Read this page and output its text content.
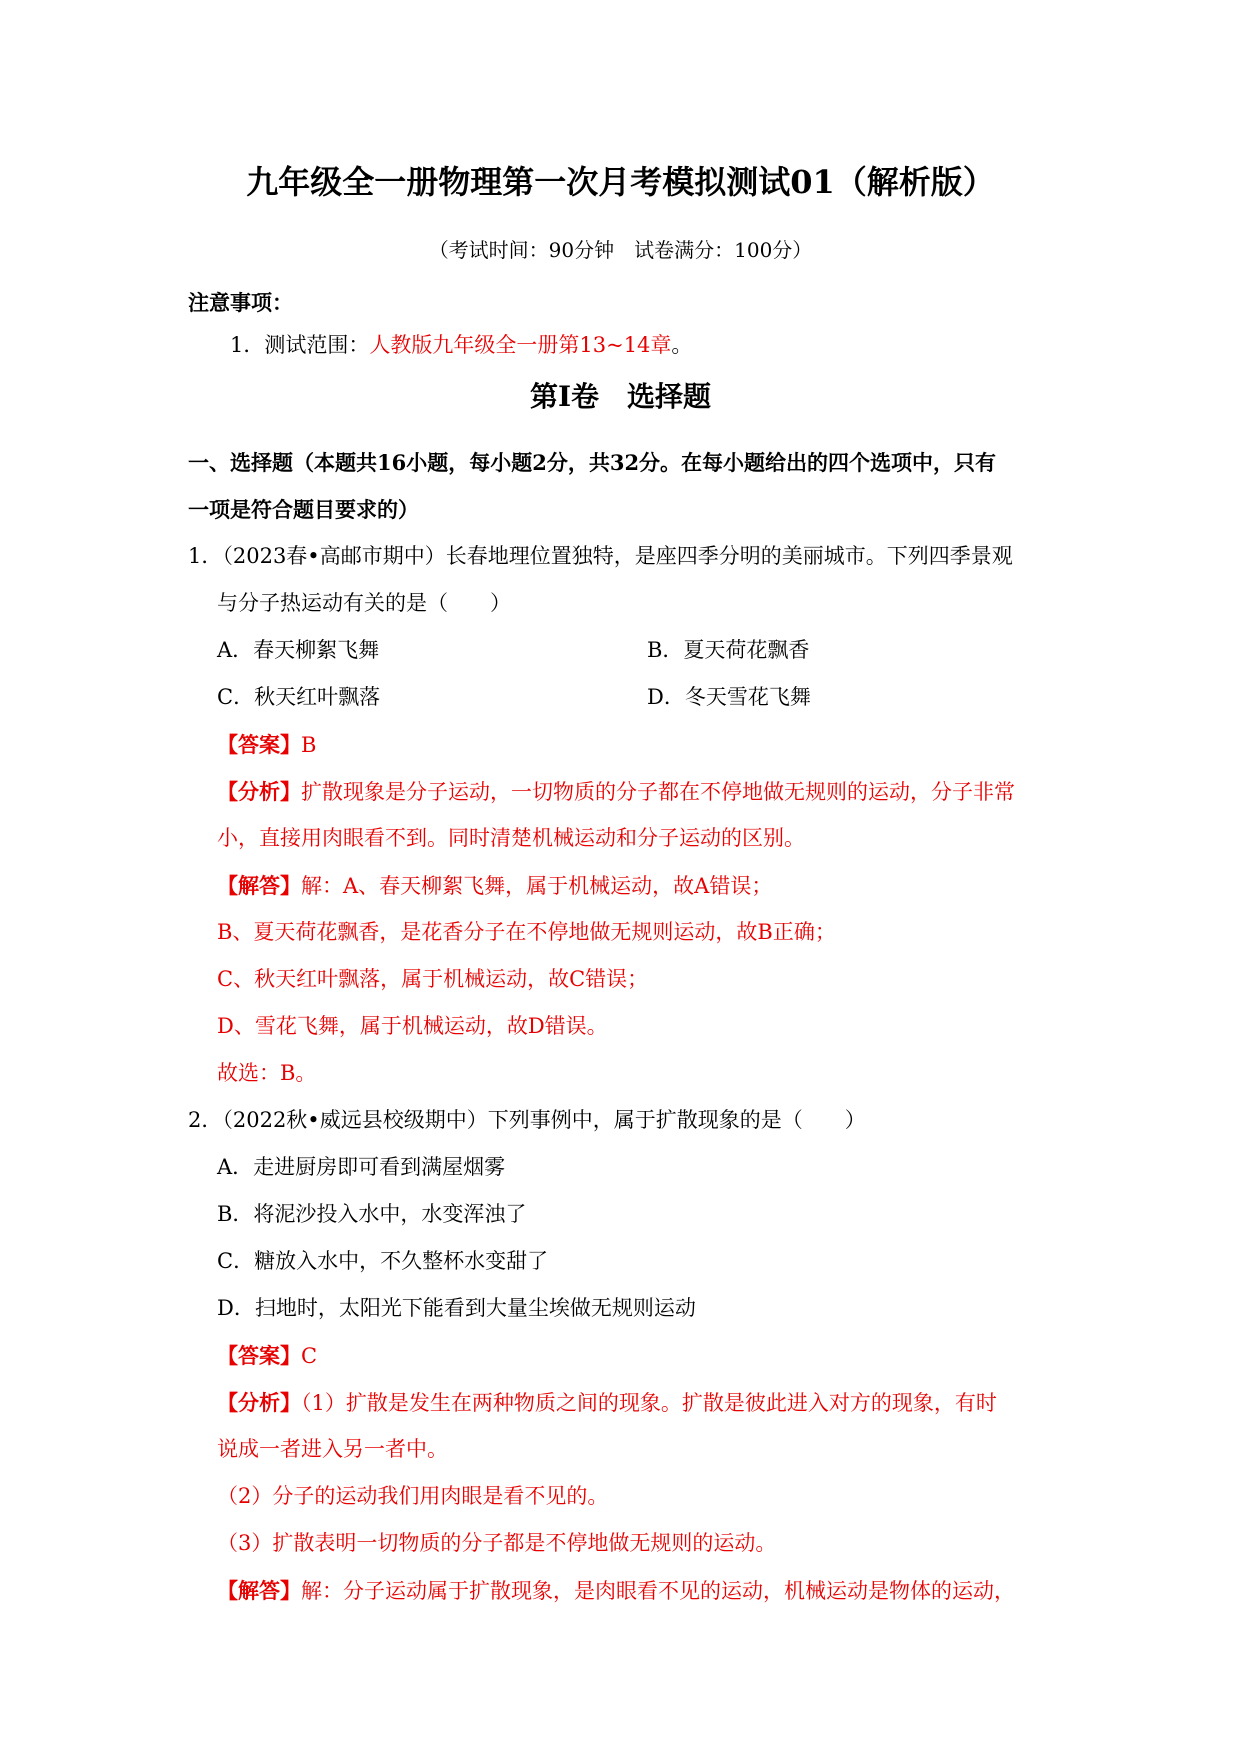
九年级全一册物理第一次月考模拟测试01（解析版）
（考试时间：90分钟　试卷满分：100分）
注意事项：
1．测试范围：人教版九年级全一册第13~14章。
第Ⅰ卷　选择题
一、选择题（本题共16小题，每小题2分，共32分。在每小题给出的四个选项中，只有
一项是符合题目要求的）
1．（2023春•高邮市期中）长春地理位置独特，是座四季分明的美丽城市。下列四季景观
与分子热运动有关的是（　　）
A．春天柳絮飞舞	B．夏天荷花飘香
C．秋天红叶飘落	D．冬天雪花飞舞
【答案】B
【分析】扩散现象是分子运动，一切物质的分子都在不停地做无规则的运动，分子非常
小，直接用肉眼看不到。同时清楚机械运动和分子运动的区别。
【解答】解：A、春天柳絮飞舞，属于机械运动，故A错误；
B、夏天荷花飘香，是花香分子在不停地做无规则运动，故B正确；
C、秋天红叶飘落，属于机械运动，故C错误；
D、雪花飞舞，属于机械运动，故D错误。
故选：B。
2．（2022秋•威远县校级期中）下列事例中，属于扩散现象的是（　　）
A．走进厨房即可看到满屋烟雾
B．将泥沙投入水中，水变浑浊了
C．糖放入水中，不久整杯水变甜了
D．扫地时，太阳光下能看到大量尘埃做无规则运动
【答案】C
【分析】（1）扩散是发生在两种物质之间的现象。扩散是彼此进入对方的现象，有时
说成一者进入另一者中。
（2）分子的运动我们用肉眼是看不见的。
（3）扩散表明一切物质的分子都是不停地做无规则的运动。
【解答】解：分子运动属于扩散现象，是肉眼看不见的运动，机械运动是物体的运动，
